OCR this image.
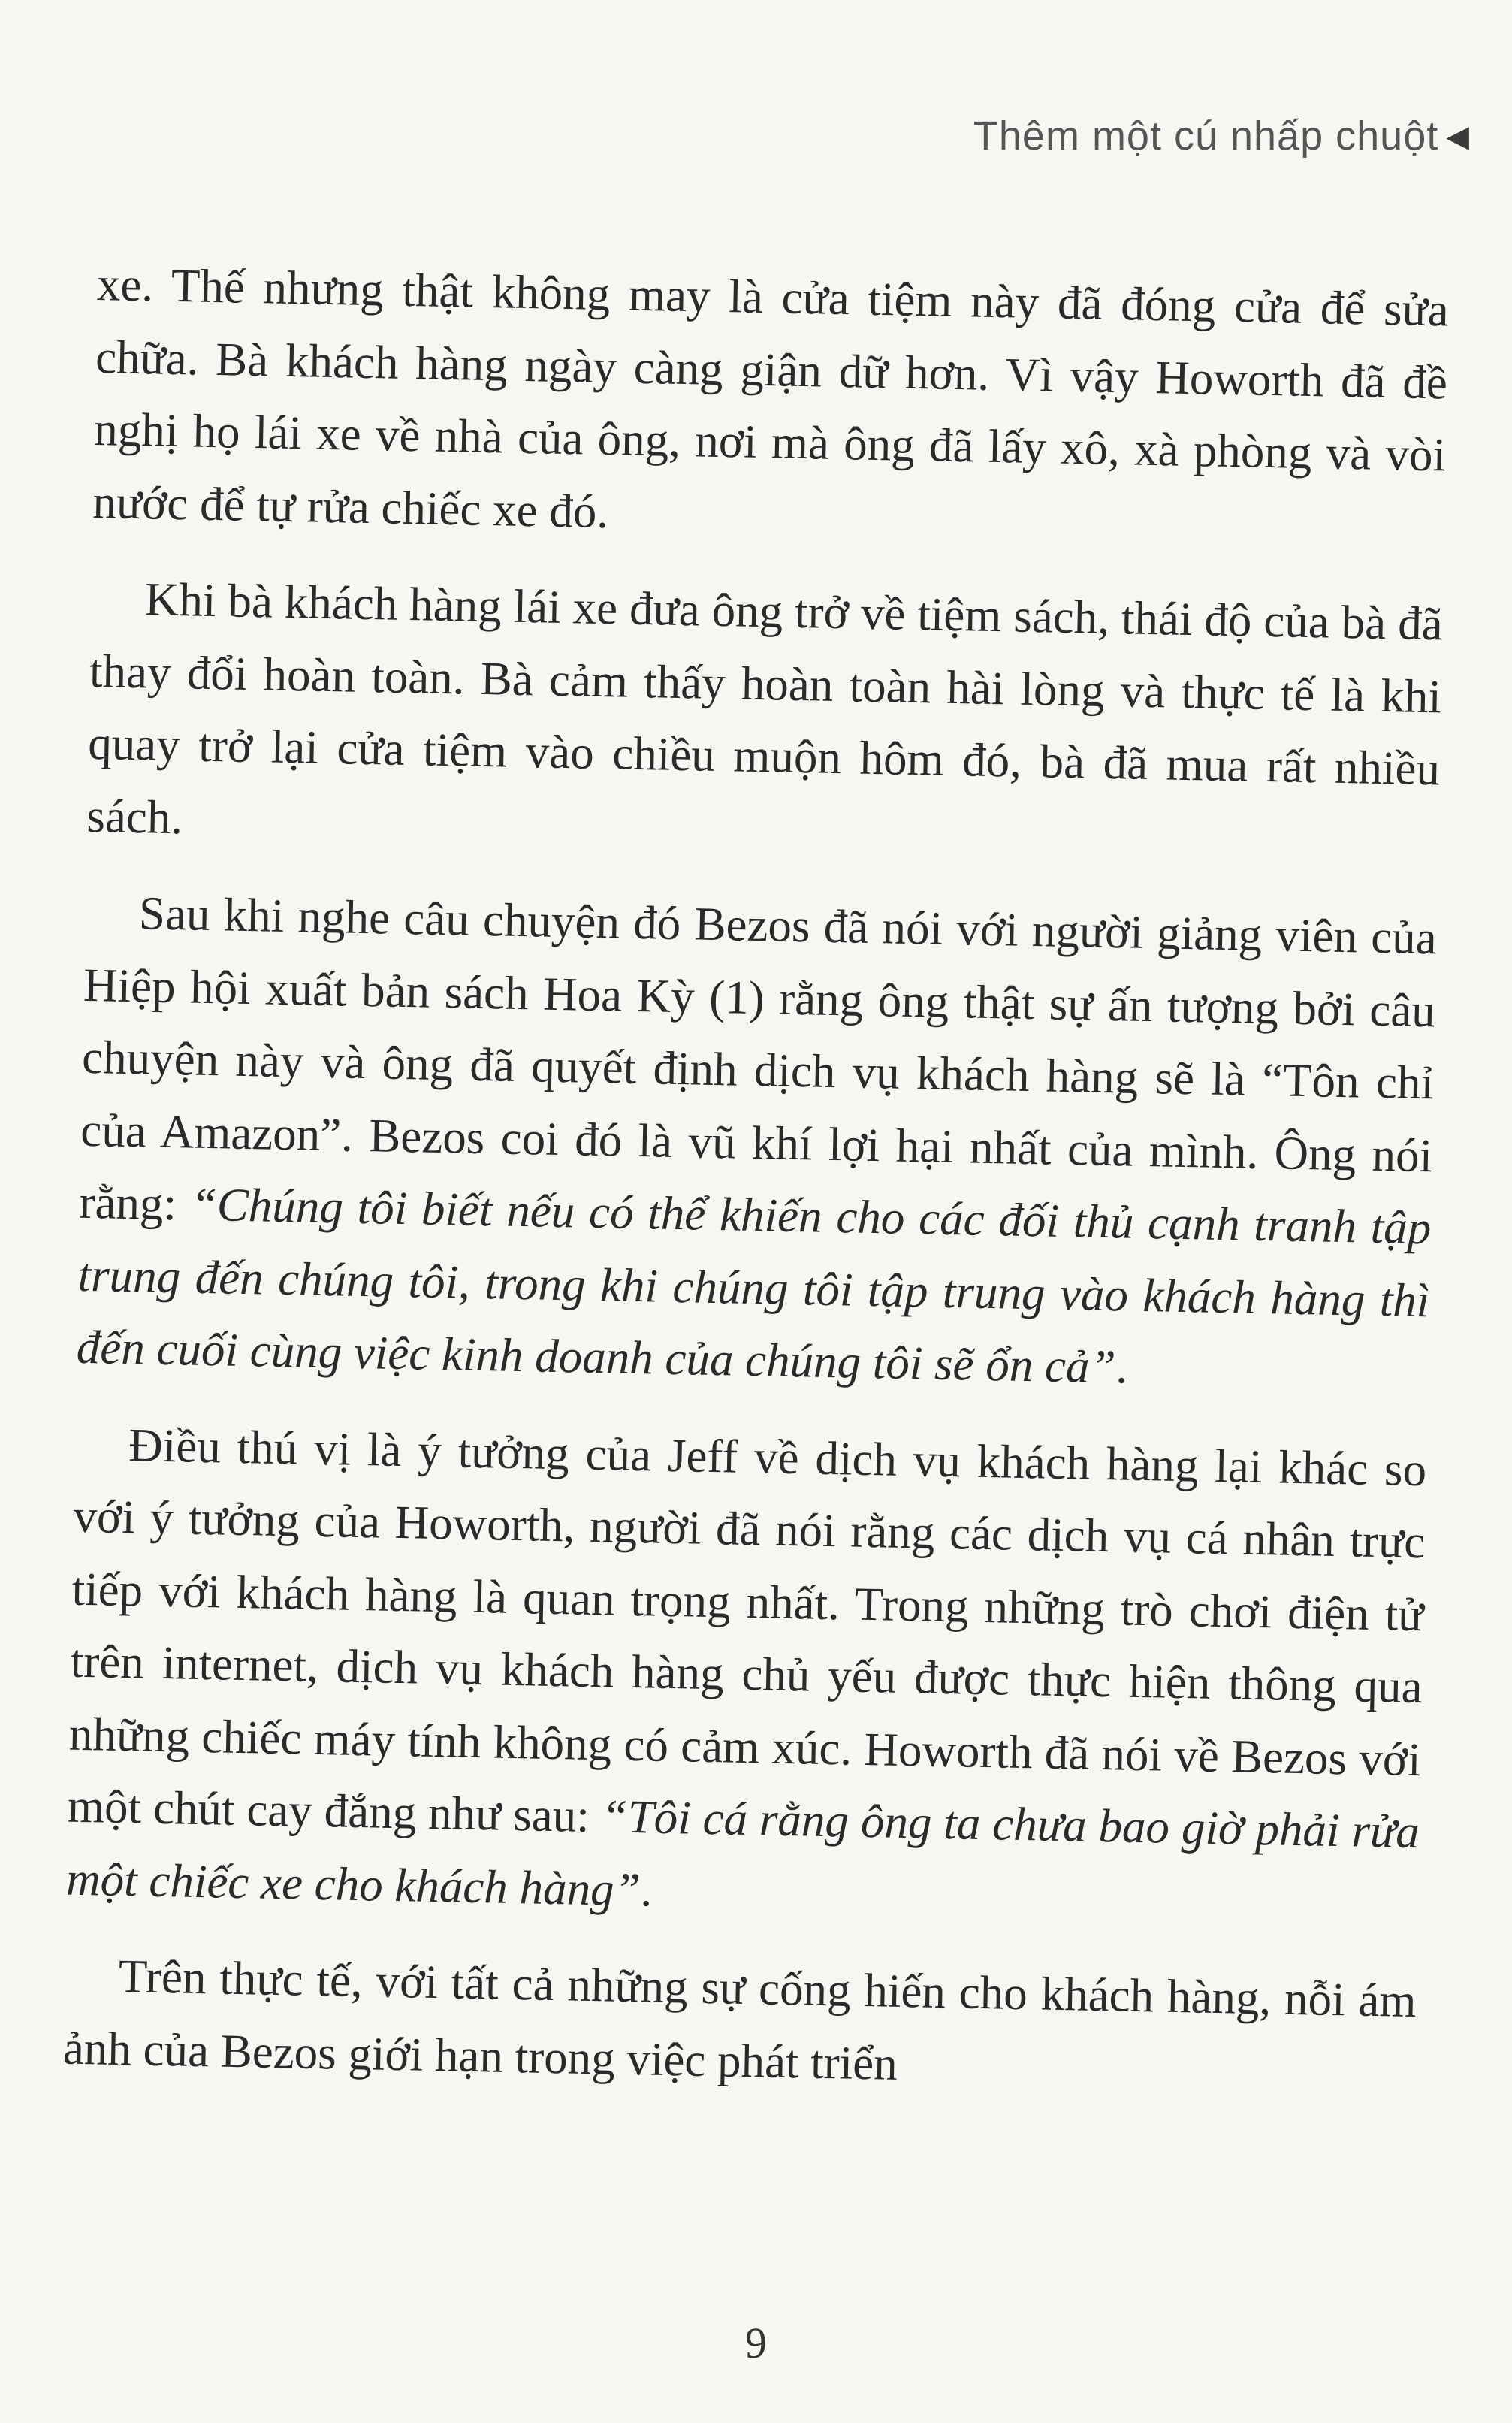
Thêm một cú nhấp chuột ◀

xe. Thế nhưng thật không may là cửa tiệm này đã đóng cửa để sửa chữa. Bà khách hàng ngày càng giận dữ hơn. Vì vậy Howorth đã đề nghị họ lái xe về nhà của ông, nơi mà ông đã lấy xô, xà phòng và vòi nước để tự rửa chiếc xe đó.

Khi bà khách hàng lái xe đưa ông trở về tiệm sách, thái độ của bà đã thay đổi hoàn toàn. Bà cảm thấy hoàn toàn hài lòng và thực tế là khi quay trở lại cửa tiệm vào chiều muộn hôm đó, bà đã mua rất nhiều sách.

Sau khi nghe câu chuyện đó Bezos đã nói với người giảng viên của Hiệp hội xuất bản sách Hoa Kỳ (1) rằng ông thật sự ấn tượng bởi câu chuyện này và ông đã quyết định dịch vụ khách hàng sẽ là “Tôn chỉ của Amazon”. Bezos coi đó là vũ khí lợi hại nhất của mình. Ông nói rằng: “Chúng tôi biết nếu có thể khiến cho các đối thủ cạnh tranh tập trung đến chúng tôi, trong khi chúng tôi tập trung vào khách hàng thì đến cuối cùng việc kinh doanh của chúng tôi sẽ ổn cả”.

Điều thú vị là ý tưởng của Jeff về dịch vụ khách hàng lại khác so với ý tưởng của Howorth, người đã nói rằng các dịch vụ cá nhân trực tiếp với khách hàng là quan trọng nhất. Trong những trò chơi điện tử trên internet, dịch vụ khách hàng chủ yếu được thực hiện thông qua những chiếc máy tính không có cảm xúc. Howorth đã nói về Bezos với một chút cay đắng như sau: “Tôi cá rằng ông ta chưa bao giờ phải rửa một chiếc xe cho khách hàng”.

Trên thực tế, với tất cả những sự cống hiến cho khách hàng, nỗi ám ảnh của Bezos giới hạn trong việc phát triển

9
